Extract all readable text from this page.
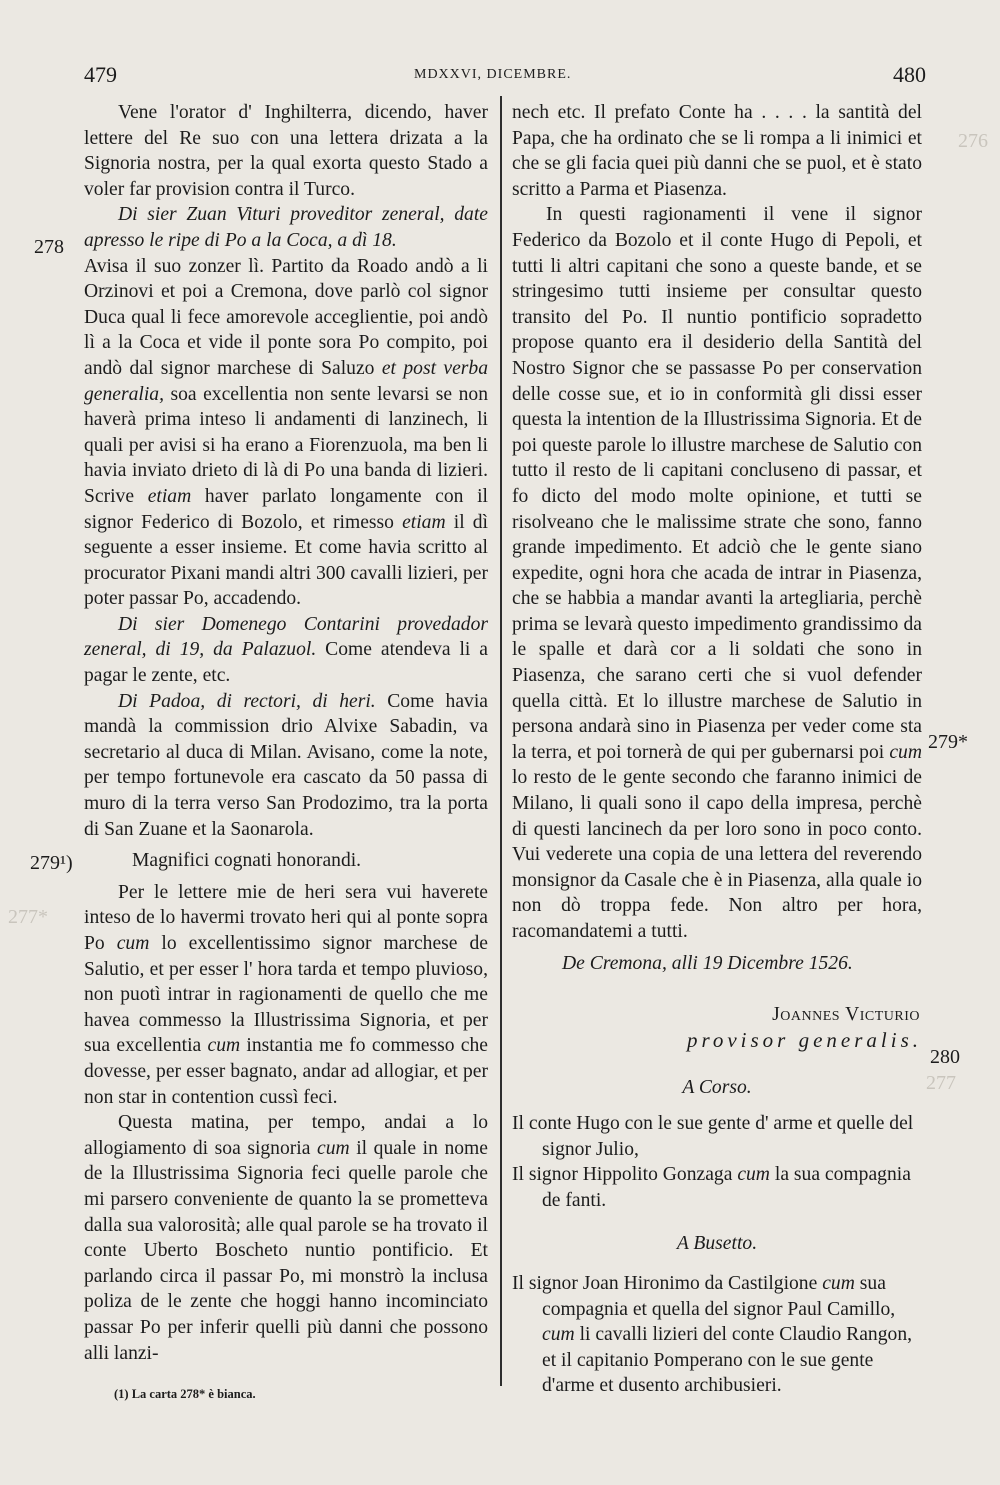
276
277
277*
479	MDXXVI, DICEMBRE.	480
278
279¹)
279*
280

Vene l'orator d' Inghilterra, dicendo, haver lettere del Re suo con una lettera drizata a la Signoria nostra, per la qual exorta questo Stado a voler far provision contra il Turco.

Di sier Zuan Vituri proveditor zeneral, date apresso le ripe di Po a la Coca, a dì 18.

Avisa il suo zonzer lì. Partito da Roado andò a li Orzinovi et poi a Cremona, dove parlò col signor Duca qual li fece amorevole acceglientie, poi andò lì a la Coca et vide il ponte sora Po compito, poi andò dal signor marchese di Saluzo et post verba generalia, soa excellentia non sente levarsi se non haverà prima inteso li andamenti di lanzinech, li quali per avisi si ha erano a Fiorenzuola, ma ben li havia inviato drieto di là di Po una banda di lizieri. Scrive etiam haver parlato longamente con il signor Federico di Bozolo, et rimesso etiam il dì seguente a esser insieme. Et come havia scritto al procurator Pixani mandi altri 300 cavalli lizieri, per poter passar Po, accadendo.

Di sier Domenego Contarini provedador zeneral, di 19, da Palazuol. Come atendeva li a pagar le zente, etc.

Di Padoa, di rectori, di heri. Come havia mandà la commission drio Alvixe Sabadin, va secretario al duca di Milan. Avisano, come la note, per tempo fortunevole era cascato da 50 passa di muro di la terra verso San Prodozimo, tra la porta di San Zuane et la Saonarola.

Magnifici cognati honorandi.

Per le lettere mie de heri sera vui haverete inteso de lo havermi trovato heri qui al ponte sopra Po cum lo excellentissimo signor marchese de Salutio, et per esser l' hora tarda et tempo pluvioso, non puotì intrar in ragionamenti de quello che me havea commesso la Illustrissima Signoria, et per sua excellentia cum instantia me fo commesso che dovesse, per esser bagnato, andar ad allogiar, et per non star in contention cussì feci.

Questa matina, per tempo, andai a lo allogiamento di soa signoria cum il quale in nome de la Illustrissima Signoria feci quelle parole che mi parsero conveniente de quanto la se prometteva dalla sua valorosità; alle qual parole se ha trovato il conte Uberto Boscheto nuntio pontificio. Et parlando circa il passar Po, mi monstrò la inclusa poliza de le zente che hoggi hanno incominciato passar Po per inferir quelli più danni che possono alli lanzi-

(1) La carta 278* è bianca.

nech etc. Il prefato Conte ha . . . . la santità del Papa, che ha ordinato che se li rompa a li inimici et che se gli facia quei più danni che se puol, et è stato scritto a Parma et Piasenza.

In questi ragionamenti il vene il signor Federico da Bozolo et il conte Hugo di Pepoli, et tutti li altri capitani che sono a queste bande, et se stringesimo tutti insieme per consultar questo transito del Po. Il nuntio pontificio sopradetto propose quanto era il desiderio della Santità del Nostro Signor che se passasse Po per conservation delle cosse sue, et io in conformità gli dissi esser questa la intention de la Illustrissima Signoria. Et de poi queste parole lo illustre marchese de Salutio con tutto il resto de li capitani concluseno di passar, et fo dicto del modo molte opinione, et tutti se risolveano che le malissime strate che sono, fanno grande impedimento. Et adciò che le gente siano expedite, ogni hora che acada de intrar in Piasenza, che se habbia a mandar avanti la artegliaria, perchè prima se levarà questo impedimento grandissimo da le spalle et darà cor a li soldati che sono in Piasenza, che sarano certi che si vuol defender quella città. Et lo illustre marchese de Salutio in persona andarà sino in Piasenza per veder come sta la terra, et poi tornerà de qui per gubernarsi poi cum lo resto de le gente secondo che faranno inimici de Milano, li quali sono il capo della impresa, perchè di questi lancinech da per loro sono in poco conto. Vui vederete una copia de una lettera del reverendo monsignor da Casale che è in Piasenza, alla quale io non dò troppa fede. Non altro per hora, racomandatemi a tutti.

De Cremona, alli 19 Dicembre 1526.

Joannes Victurio

provisor generalis.

A Corso.

Il conte Hugo con le sue gente d' arme et quelle del signor Julio,

Il signor Hippolito Gonzaga cum la sua compagnia de fanti.

A Busetto.

Il signor Joan Hironimo da Castilgione cum sua compagnia et quella del signor Paul Camillo, cum li cavalli lizieri del conte Claudio Rangon, et il capitanio Pomperano con le sue gente d'arme et dusento archibusieri.
